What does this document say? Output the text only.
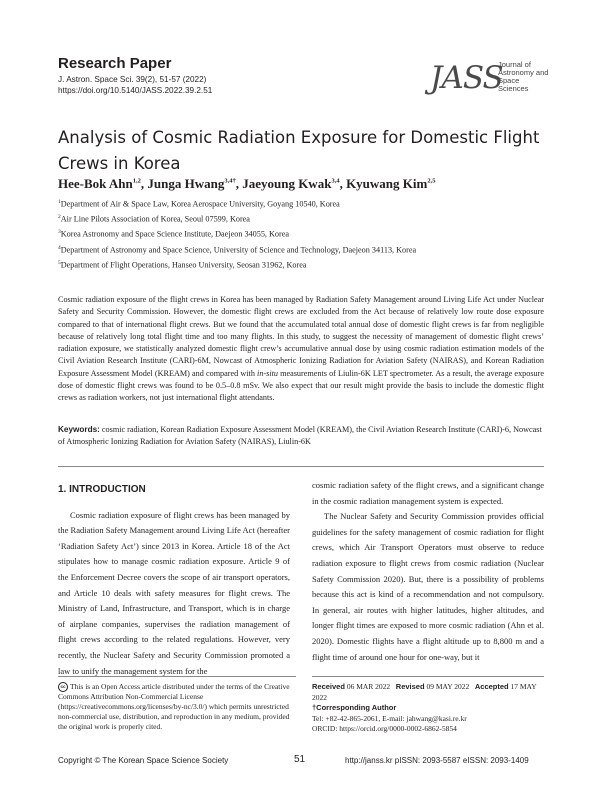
Research Paper
J. Astron. Space Sci. 39(2), 51-57 (2022)
https://doi.org/10.5140/JASS.2022.39.2.51	JASS
Journal of
Astronomy and
Space Sciences
Analysis of Cosmic Radiation Exposure for Domestic Flight Crews in Korea
Hee-Bok Ahn$^{1,2}$, Junga Hwang$^{3,4\dagger}$, Jaeyoung Kwak$^{3,4}$, Kyuwang Kim$^{2,5}$
$^1$Department of Air & Space Law, Korea Aerospace University, Goyang 10540, Korea
$^2$Air Line Pilots Association of Korea, Seoul 07599, Korea
$^3$Korea Astronomy and Space Science Institute, Daejeon 34055, Korea
$^4$Department of Astronomy and Space Science, University of Science and Technology, Daejeon 34113, Korea
$^5$Department of Flight Operations, Hanseo University, Seosan 31962, Korea
Cosmic radiation exposure of the flight crews in Korea has been managed by Radiation Safety Management around Living Life Act under Nuclear Safety and Security Commission. However, the domestic flight crews are excluded from the Act because of relatively low route dose exposure compared to that of international flight crews. But we found that the accumulated total annual dose of domestic flight crews is far from negligible because of relatively long total flight time and too many flights. In this study, to suggest the necessity of management of domestic flight crews’ radiation exposure, we statistically analyzed domestic flight crew’s accumulative annual dose by using cosmic radiation estimation models of the Civil Aviation Research Institute (CARI)-6M, Nowcast of Atmospheric Ionizing Radiation for Aviation Safety (NAIRAS), and Korean Radiation Exposure Assessment Model (KREAM) and compared with in-situ measurements of Liulin-6K LET spectrometer. As a result, the average exposure dose of domestic flight crews was found to be 0.5–0.8 mSv. We also expect that our result might provide the basis to include the domestic flight crews as radiation workers, not just international flight attendants.
Keywords: cosmic radiation, Korean Radiation Exposure Assessment Model (KREAM), the Civil Aviation Research Institute (CARI)-6, Nowcast of Atmospheric Ionizing Radiation for Aviation Safety (NAIRAS), Liulin-6K
1. INTRODUCTION

Cosmic radiation exposure of flight crews has been managed by the Radiation Safety Management around Living Life Act (hereafter ‘Radiation Safety Act’) since 2013 in Korea. Article 18 of the Act stipulates how to manage cosmic radiation exposure. Article 9 of the Enforcement Decree covers the scope of air transport operators, and Article 10 deals with safety measures for flight crews. The Ministry of Land, Infrastructure, and Transport, which is in charge of airplane companies, supervises the radiation management of flight crews according to the related regulations. However, very recently, the Nuclear Safety and Security Commission promoted a law to unify the management system for the

cosmic radiation safety of the flight crews, and a significant change in the cosmic radiation management system is expected.

The Nuclear Safety and Security Commission provides official guidelines for the safety management of cosmic radiation for flight crews, which Air Transport Operators must observe to reduce radiation exposure to flight crews from cosmic radiation (Nuclear Safety Commission 2020). But, there is a possibility of problems because this act is kind of a recommendation and not compulsory. In general, air routes with higher latitudes, higher altitudes, and longer flight times are exposed to more cosmic radiation (Ahn et al. 2020). Domestic flights have a flight altitude up to 8,800 m and a flight time of around one hour for one-way, but it

cc This is an Open Access article distributed under the terms of the Creative Commons Attribution Non-Commercial License (https://creativecommons.org/licenses/by-nc/3.0/) which permits unrestricted non-commercial use, distribution, and reproduction in any medium, provided the original work is properly cited.
Received 06 MAR 2022 Revised 09 MAY 2022 Accepted 17 MAY 2022
†Corresponding Author
Tel: +82-42-865-2061, E-mail: jahwang@kasi.re.kr
ORCID: https://orcid.org/0000-0002-6862-5854
Copyright © The Korean Space Science Society	51	http://janss.kr pISSN: 2093-5587 eISSN: 2093-1409
